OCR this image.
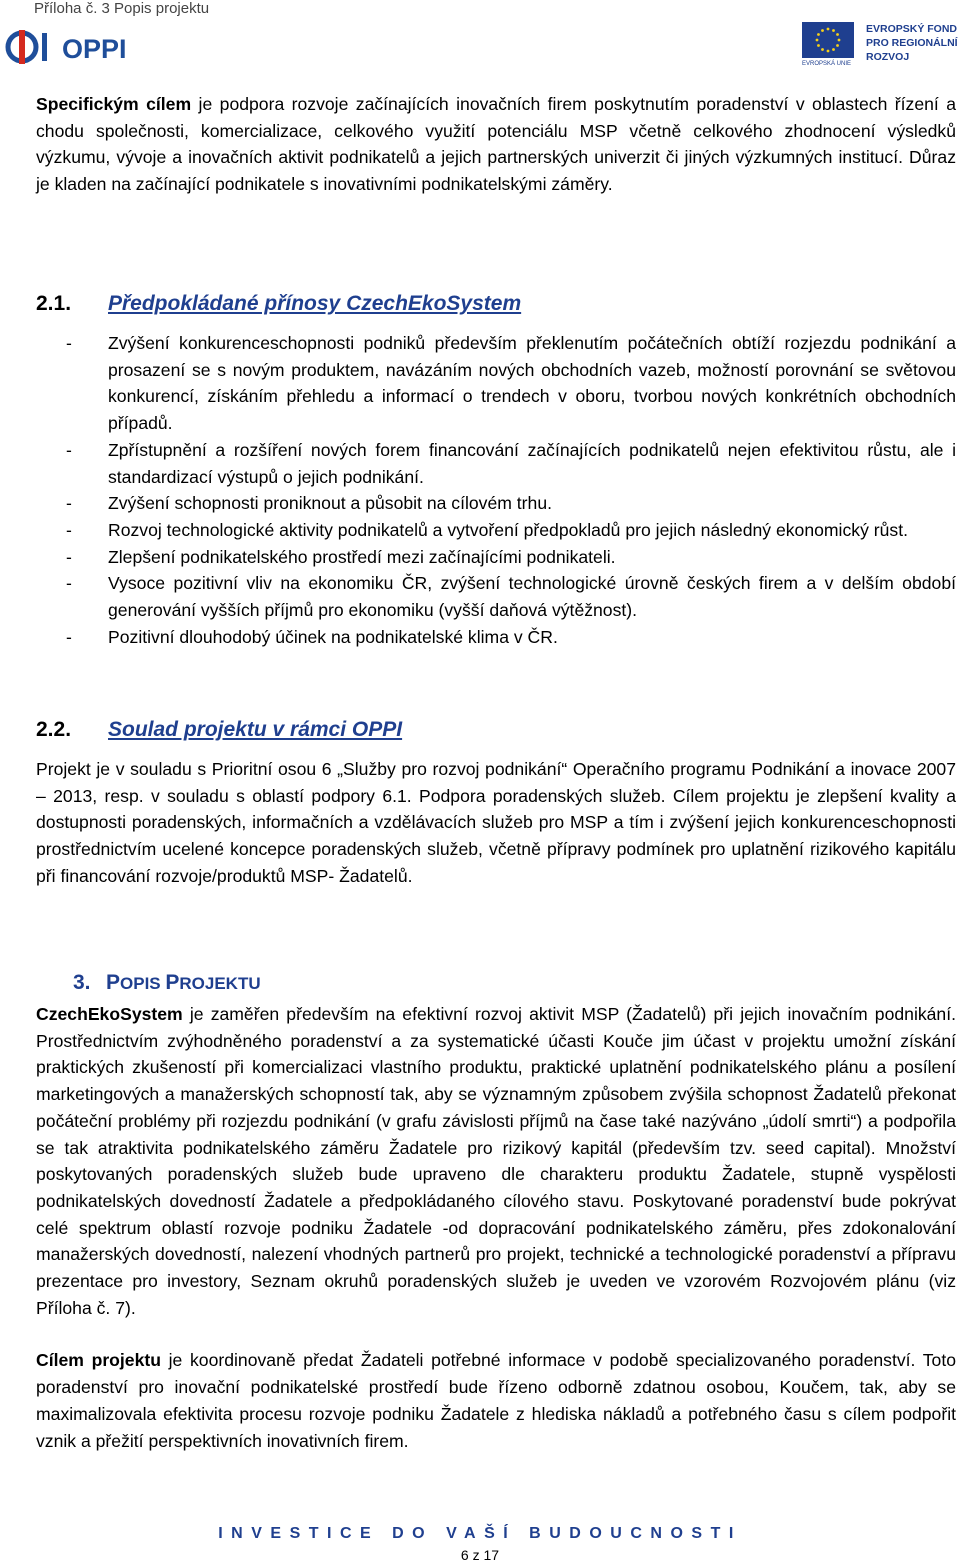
Příloha č. 3 Popis projektu
OPPI	EVROPSKÁ UNIE
EVROPSKÝ FOND
PRO REGIONÁLNÍ
ROZVOJ

Specifickým cílem je podpora rozvoje začínajících inovačních firem poskytnutím poradenství v oblastech řízení a chodu společnosti, komercializace, celkového využití potenciálu MSP včetně celkového zhodnocení výsledků výzkumu, vývoje a inovačních aktivit podnikatelů a jejich partnerských univerzit či jiných výzkumných institucí. Důraz je kladen na začínající podnikatele s inovativními podnikatelskými záměry.

2.1. Předpokládané přínosy CzechEkoSystem

- Zvýšení konkurenceschopnosti podniků především překlenutím počátečních obtíží rozjezdu podnikání a prosazení se s novým produktem, navázáním nových obchodních vazeb, možností porovnání se světovou konkurencí, získáním přehledu a informací o trendech v oboru, tvorbou nových konkrétních obchodních případů.

- Zpřístupnění a rozšíření nových forem financování začínajících podnikatelů nejen efektivitou růstu, ale i standardizací výstupů o jejich podnikání.

- Zvýšení schopnosti proniknout a působit na cílovém trhu.

- Rozvoj technologické aktivity podnikatelů a vytvoření předpokladů pro jejich následný ekonomický růst.

- Zlepšení podnikatelského prostředí mezi začínajícími podnikateli.

- Vysoce pozitivní vliv na ekonomiku ČR, zvýšení technologické úrovně českých firem a v delším období generování vyšších příjmů pro ekonomiku (vyšší daňová výtěžnost).

- Pozitivní dlouhodobý účinek na podnikatelské klima v ČR.

2.2. Soulad projektu v rámci OPPI

Projekt je v souladu s Prioritní osou 6 „Služby pro rozvoj podnikání“ Operačního programu Podnikání a inovace 2007 – 2013, resp. v souladu s oblastí podpory 6.1. Podpora poradenských služeb. Cílem projektu je zlepšení kvality a dostupnosti poradenských, informačních a vzdělávacích služeb pro MSP a tím i zvýšení jejich konkurenceschopnosti prostřednictvím ucelené koncepce poradenských služeb, včetně přípravy podmínek pro uplatnění rizikového kapitálu při financování rozvoje/produktů MSP- Žadatelů.

3. POPIS PROJEKTU

CzechEkoSystem je zaměřen především na efektivní rozvoj aktivit MSP (Žadatelů) při jejich inovačním podnikání. Prostřednictvím zvýhodněného poradenství a za systematické účasti Kouče jim účast v projektu umožní získání praktických zkušeností při komercializaci vlastního produktu, praktické uplatnění podnikatelského plánu a posílení marketingových a manažerských schopností tak, aby se významným způsobem zvýšila schopnost Žadatelů překonat počáteční problémy při rozjezdu podnikání (v grafu závislosti příjmů na čase také nazýváno „údolí smrti“) a podpořila se tak atraktivita podnikatelského záměru Žadatele pro rizikový kapitál (především tzv. seed capital). Množství poskytovaných poradenských služeb bude upraveno dle charakteru produktu Žadatele, stupně vyspělosti podnikatelských dovedností Žadatele a předpokládaného cílového stavu. Poskytované poradenství bude pokrývat celé spektrum oblastí rozvoje podniku Žadatele -od dopracování podnikatelského záměru, přes zdokonalování manažerských dovedností, nalezení vhodných partnerů pro projekt, technické a technologické poradenství a přípravu prezentace pro investory, Seznam okruhů poradenských služeb je uveden ve vzorovém Rozvojovém plánu (viz Příloha č. 7).

Cílem projektu je koordinovaně předat Žadateli potřebné informace v podobě specializovaného poradenství. Toto poradenství pro inovační podnikatelské prostředí bude řízeno odborně zdatnou osobou, Koučem, tak, aby se maximalizovala efektivita procesu rozvoje podniku Žadatele z hlediska nákladů a potřebného času s cílem podpořit vznik a přežití perspektivních inovativních firem.

INVESTICE DO VAŠÍ BUDOUCNOSTI
6 z 17
